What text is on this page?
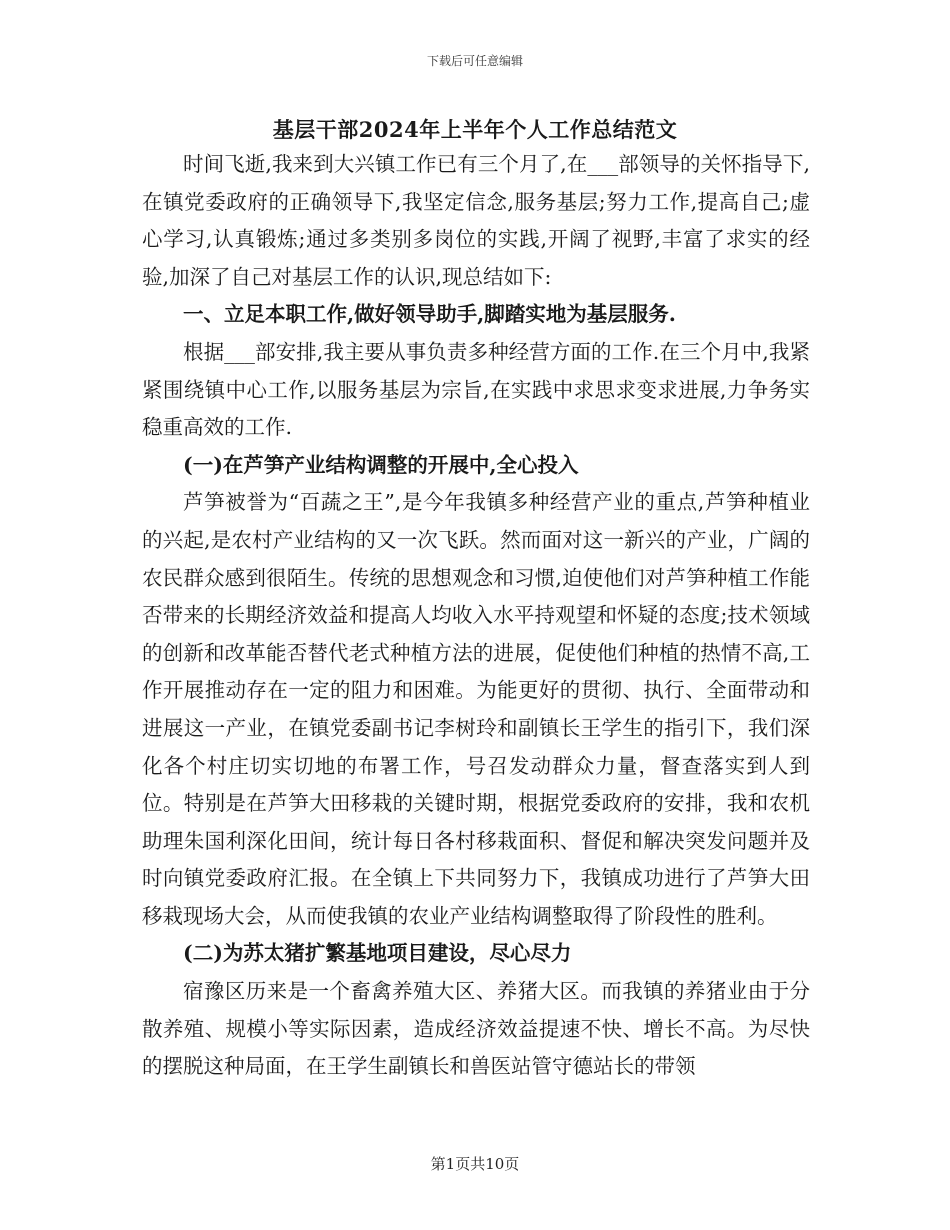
下载后可任意编辑
基层干部2024年上半年个人工作总结范文

时间飞逝,我来到大兴镇工作已有三个月了,在___部领导的关怀指导下,在镇党委政府的正确领导下,我坚定信念,服务基层;努力工作,提高自己;虚心学习,认真锻炼;通过多类别多岗位的实践,开阔了视野,丰富了求实的经验,加深了自己对基层工作的认识,现总结如下:

一、立足本职工作,做好领导助手,脚踏实地为基层服务.

根据___部安排,我主要从事负责多种经营方面的工作.在三个月中,我紧紧围绕镇中心工作,以服务基层为宗旨,在实践中求思求变求进展,力争务实稳重高效的工作.

(一)在芦笋产业结构调整的开展中,全心投入

芦笋被誉为“百蔬之王”,是今年我镇多种经营产业的重点,芦笋种植业的兴起,是农村产业结构的又一次飞跃。然而面对这一新兴的产业，广阔的农民群众感到很陌生。传统的思想观念和习惯,迫使他们对芦笋种植工作能否带来的长期经济效益和提高人均收入水平持观望和怀疑的态度;技术领域的创新和改革能否替代老式种植方法的进展，促使他们种植的热情不高,工作开展推动存在一定的阻力和困难。为能更好的贯彻、执行、全面带动和进展这一产业，在镇党委副书记李树玲和副镇长王学生的指引下，我们深化各个村庄切实切地的布署工作，号召发动群众力量，督查落实到人到位。特别是在芦笋大田移栽的关键时期，根据党委政府的安排，我和农机助理朱国利深化田间，统计每日各村移栽面积、督促和解决突发问题并及时向镇党委政府汇报。在全镇上下共同努力下，我镇成功进行了芦笋大田移栽现场大会，从而使我镇的农业产业结构调整取得了阶段性的胜利。

(二)为苏太猪扩繁基地项目建设，尽心尽力

宿豫区历来是一个畜禽养殖大区、养猪大区。而我镇的养猪业由于分散养殖、规模小等实际因素，造成经济效益提速不快、增长不高。为尽快的摆脱这种局面，在王学生副镇长和兽医站管守德站长的带领

第1页共10页
